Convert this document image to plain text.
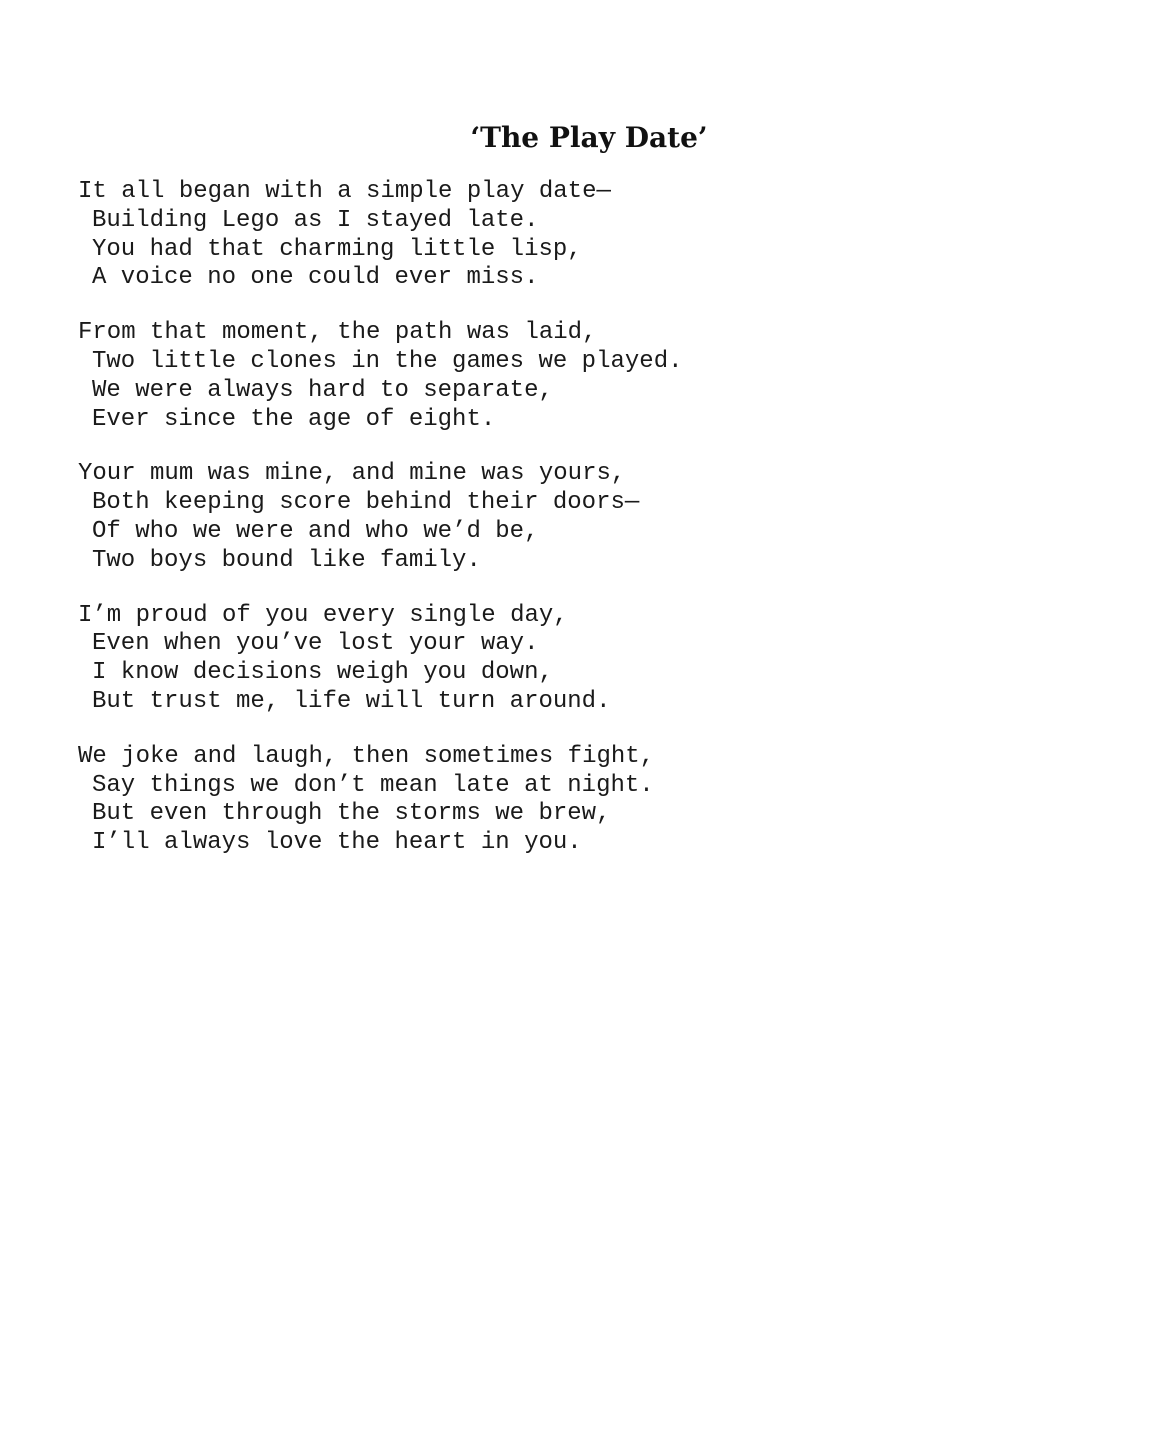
‘The Play Date’
It all began with a simple play date—
Building Lego as I stayed late.
You had that charming little lisp,
A voice no one could ever miss.
From that moment, the path was laid,
Two little clones in the games we played.
We were always hard to separate,
Ever since the age of eight.
Your mum was mine, and mine was yours,
Both keeping score behind their doors—
Of who we were and who we’d be,
Two boys bound like family.
I’m proud of you every single day,
Even when you’ve lost your way.
I know decisions weigh you down,
But trust me, life will turn around.
We joke and laugh, then sometimes fight,
Say things we don’t mean late at night.
But even through the storms we brew,
I’ll always love the heart in you.
